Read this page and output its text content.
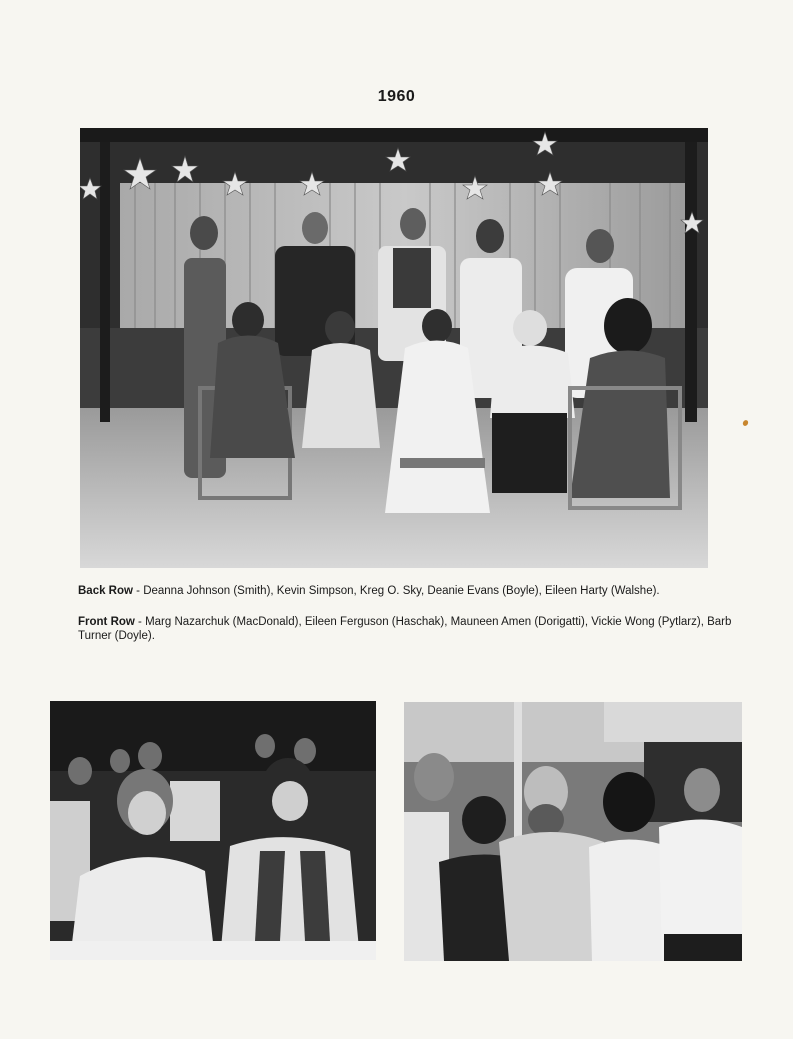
1960
Back Row - Deanna Johnson (Smith), Kevin Simpson, Kreg O. Sky, Deanie Evans (Boyle), Eileen Harty (Walshe).
Front Row - Marg Nazarchuk (MacDonald), Eileen Ferguson (Haschak), Mauneen Amen (Dorigatti), Vickie Wong (Pytlarz), Barb Turner (Doyle).
